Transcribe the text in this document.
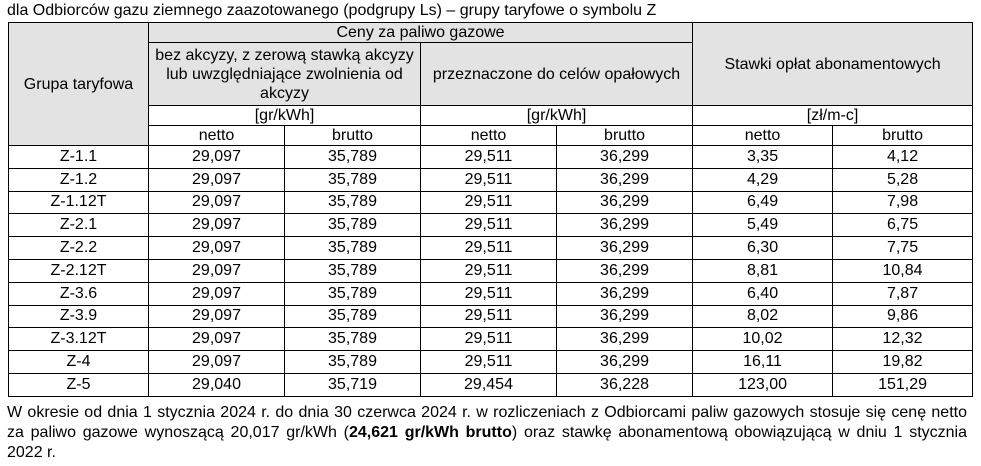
dla Odbiorców gazu ziemnego zaazotowanego (podgrupy Ls) – grupy taryfowe o symbolu Z
Grupa taryfowa	Ceny za paliwo gazowe				Stawki opłat abonamentowych	
	bez akcyzy, z zerową stawką akcyzy lub uwzględniające zwolnienia od akcyzy		przeznaczone do celów opałowych			
	[gr/kWh]		[gr/kWh]		[zł/m-c]	
	netto	brutto	netto	brutto	netto	brutto
Z-1.1	29,097	35,789	29,511	36,299	3,35	4,12
Z-1.2	29,097	35,789	29,511	36,299	4,29	5,28
Z-1.12T	29,097	35,789	29,511	36,299	6,49	7,98
Z-2.1	29,097	35,789	29,511	36,299	5,49	6,75
Z-2.2	29,097	35,789	29,511	36,299	6,30	7,75
Z-2.12T	29,097	35,789	29,511	36,299	8,81	10,84
Z-3.6	29,097	35,789	29,511	36,299	6,40	7,87
Z-3.9	29,097	35,789	29,511	36,299	8,02	9,86
Z-3.12T	29,097	35,789	29,511	36,299	10,02	12,32
Z-4	29,097	35,789	29,511	36,299	16,11	19,82
Z-5	29,040	35,719	29,454	36,228	123,00	151,29
W okresie od dnia 1 stycznia 2024 r. do dnia 30 czerwca 2024 r. w rozliczeniach z Odbiorcami paliw gazowych stosuje się cenę netto za paliwo gazowe wynoszącą 20,017 gr/kWh (24,621 gr/kWh brutto) oraz stawkę abonamentową obowiązującą w dniu 1 stycznia 2022 r.
